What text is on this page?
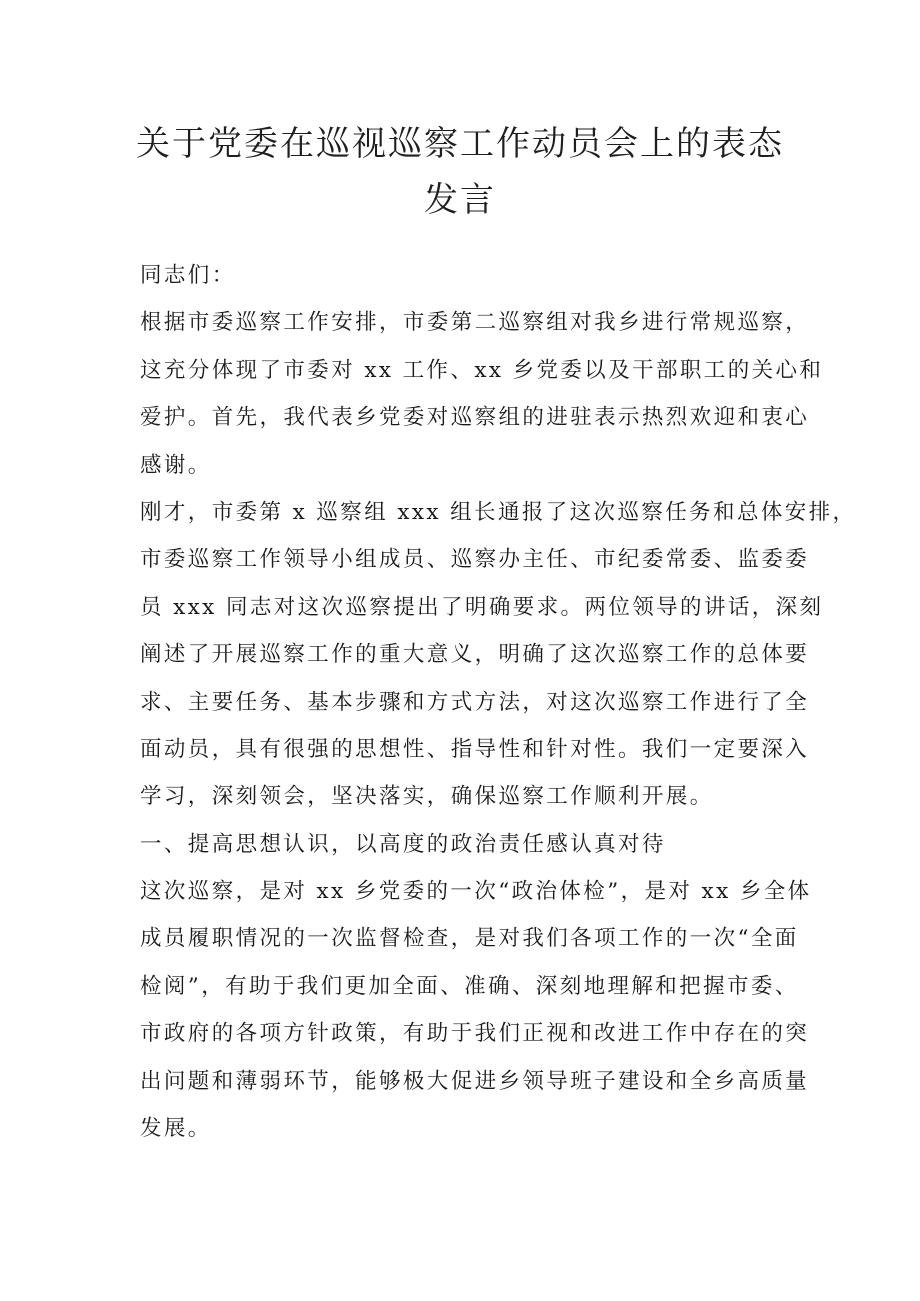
关于党委在巡视巡察工作动员会上的表态
发言
同志们：
根据市委巡察工作安排，市委第二巡察组对我乡进行常规巡察，
这充分体现了市委对 xx 工作、xx 乡党委以及干部职工的关心和
爱护。首先，我代表乡党委对巡察组的进驻表示热烈欢迎和衷心
感谢。
刚才，市委第 x 巡察组 xxx 组长通报了这次巡察任务和总体安排，
市委巡察工作领导小组成员、巡察办主任、市纪委常委、监委委
员 xxx 同志对这次巡察提出了明确要求。两位领导的讲话，深刻
阐述了开展巡察工作的重大意义，明确了这次巡察工作的总体要
求、主要任务、基本步骤和方式方法，对这次巡察工作进行了全
面动员，具有很强的思想性、指导性和针对性。我们一定要深入
学习，深刻领会，坚决落实，确保巡察工作顺利开展。
一、提高思想认识，以高度的政治责任感认真对待
这次巡察，是对 xx 乡党委的一次“政治体检”，是对 xx 乡全体
成员履职情况的一次监督检查，是对我们各项工作的一次“全面
检阅”，有助于我们更加全面、准确、深刻地理解和把握市委、
市政府的各项方针政策，有助于我们正视和改进工作中存在的突
出问题和薄弱环节，能够极大促进乡领导班子建设和全乡高质量
发展。
